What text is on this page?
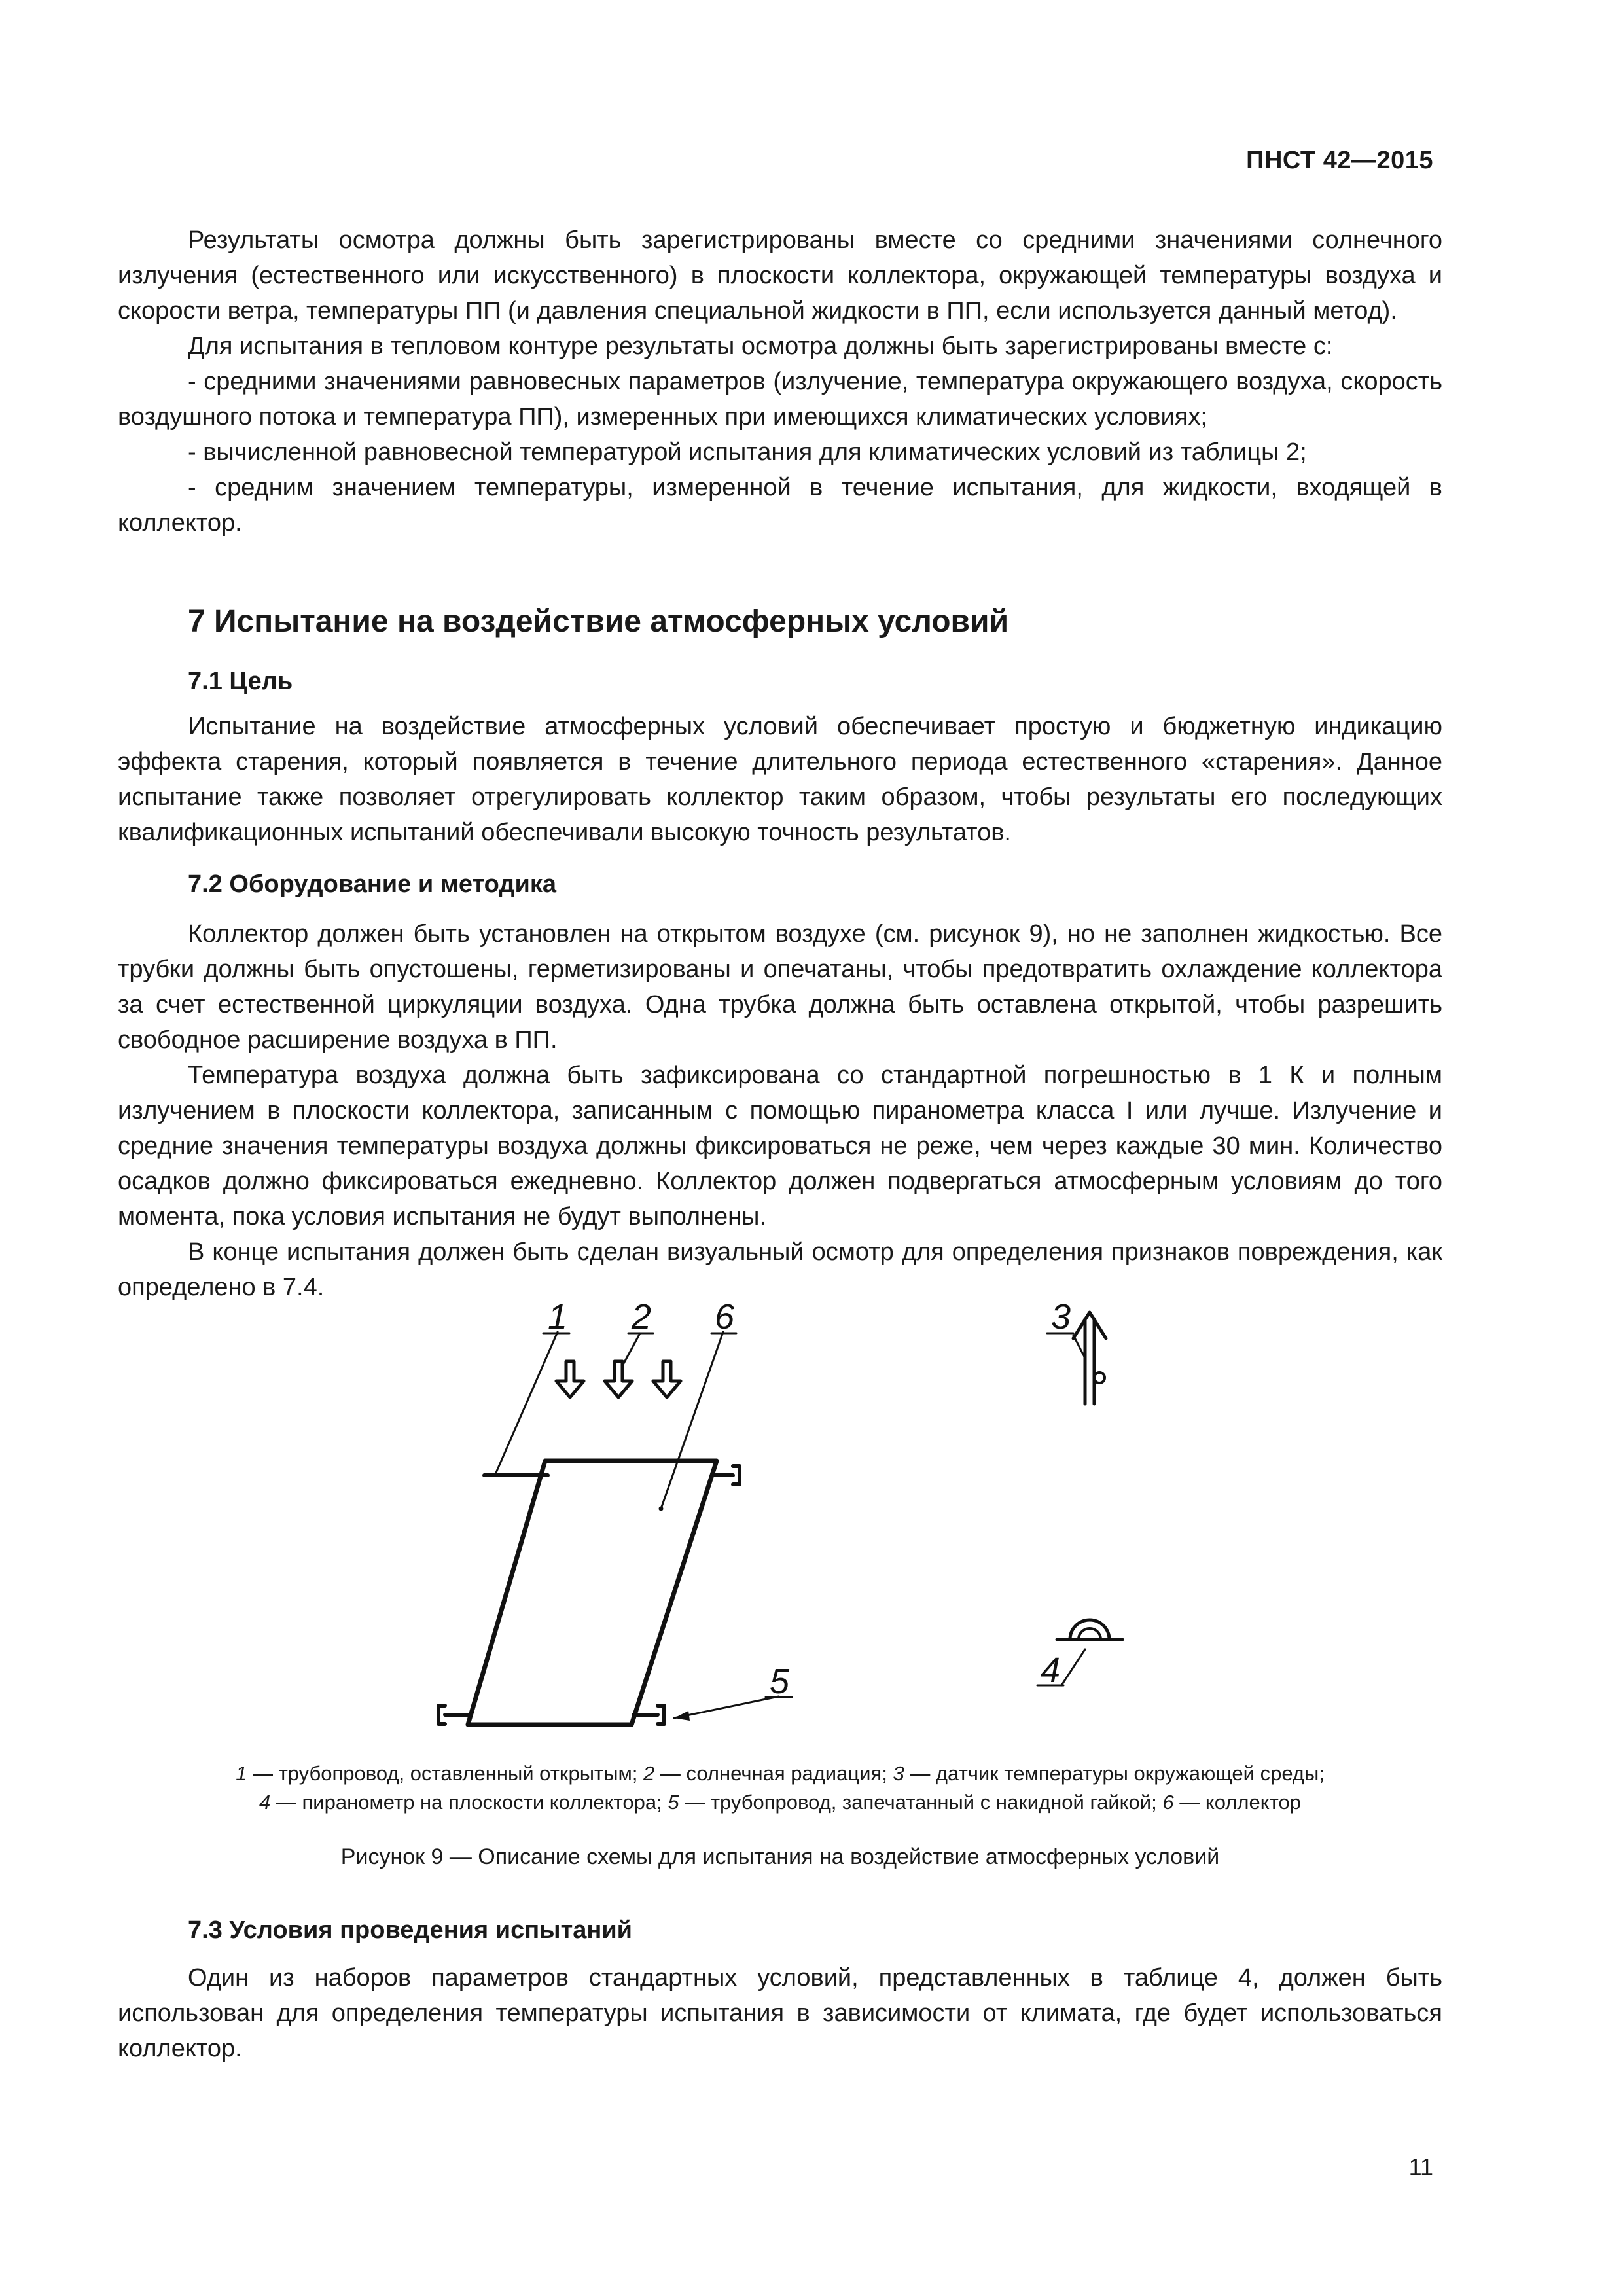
ПНСТ 42—2015

Результаты осмотра должны быть зарегистрированы вместе со средними значениями солнечного излучения (естественного или искусственного) в плоскости коллектора, окружающей температуры воздуха и скорости ветра, температуры ПП (и давления специальной жидкости в ПП, если используется данный метод).

Для испытания в тепловом контуре результаты осмотра должны быть зарегистрированы вместе с:

- средними значениями равновесных параметров (излучение, температура окружающего воздуха, скорость воздушного потока и температура ПП), измеренных при имеющихся климатических условиях;

- вычисленной равновесной температурой испытания для климатических условий из таблицы 2;

- средним значением температуры, измеренной в течение испытания, для жидкости, входящей в коллектор.

7 Испытание на воздействие атмосферных условий
7.1 Цель

Испытание на воздействие атмосферных условий обеспечивает простую и бюджетную индикацию эффекта старения, который появляется в течение длительного периода естественного «старения». Данное испытание также позволяет отрегулировать коллектор таким образом, чтобы результаты его последующих квалификационных испытаний обеспечивали высокую точность результатов.

7.2 Оборудование и методика

Коллектор должен быть установлен на открытом воздухе (см. рисунок 9), но не заполнен жидкостью. Все трубки должны быть опустошены, герметизированы и опечатаны, чтобы предотвратить охлаждение коллектора за счет естественной циркуляции воздуха. Одна трубка должна быть оставлена открытой, чтобы разрешить свободное расширение воздуха в ПП.

Температура воздуха должна быть зафиксирована со стандартной погрешностью в 1 К и полным излучением в плоскости коллектора, записанным с помощью пиранометра класса I или лучше. Излучение и средние значения температуры воздуха должны фиксироваться не реже, чем через каждые 30 мин. Количество осадков должно фиксироваться ежедневно. Коллектор должен подвергаться атмосферным условиям до того момента, пока условия испытания не будут выполнены.

В конце испытания должен быть сделан визуальный осмотр для определения признаков повреждения, как определено в 7.4.

1 2 6	3
4
5
1 — трубопровод, оставленный открытым; 2 — солнечная радиация; 3 — датчик температуры окружающей среды;
4 — пиранометр на плоскости коллектора; 5 — трубопровод, запечатанный с накидной гайкой; 6 — коллектор
Рисунок 9 — Описание схемы для испытания на воздействие атмосферных условий
7.3 Условия проведения испытаний

Один из наборов параметров стандартных условий, представленных в таблице 4, должен быть использован для определения температуры испытания в зависимости от климата, где будет использоваться коллектор.

11
